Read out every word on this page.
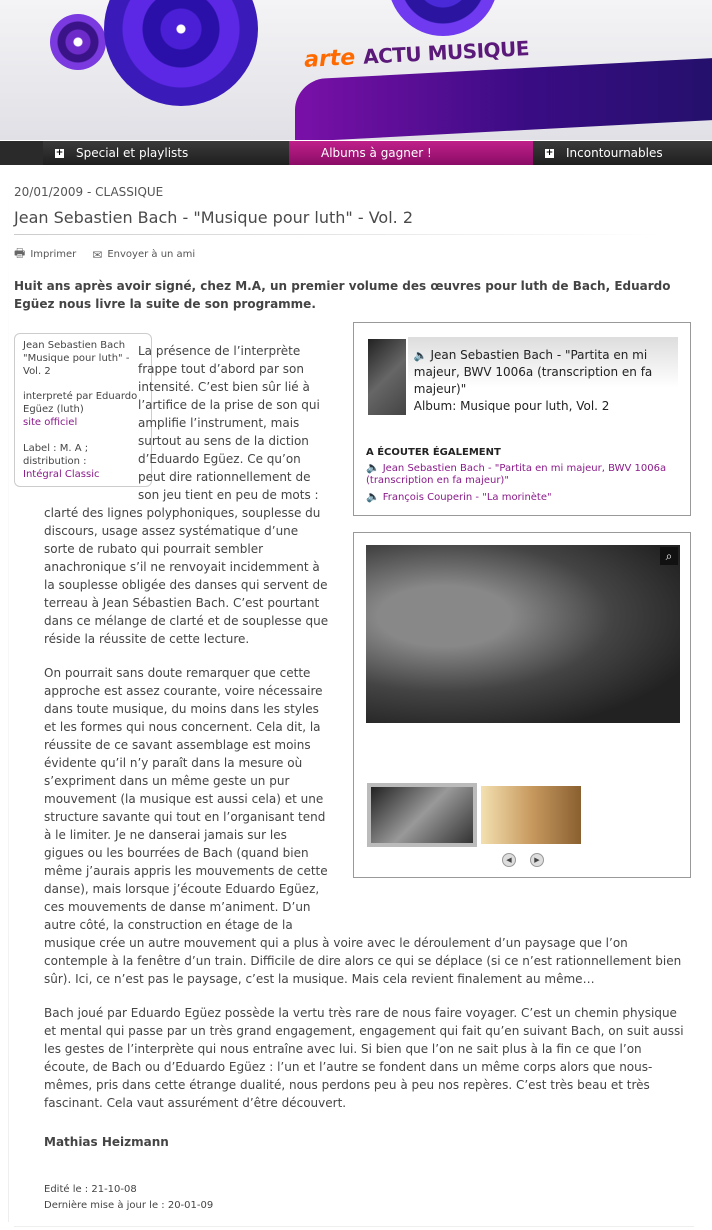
arte ACTU MUSIQUE
+ Special et playlists	Albums à gagner !	+ Incontournables
20/01/2009 - CLASSIQUE
Jean Sebastien Bach - "Musique pour luth" - Vol. 2
🖶 Imprimer ✉ Envoyer à un ami

Huit ans après avoir signé, chez M.A, un premier volume des œuvres pour luth de Bach, Eduardo Egüez nous livre la suite de son programme.

Jean Sebastien Bach
"Musique pour luth" - Vol. 2
interpreté par Eduardo Egüez (luth)
site officiel
Label : M. A ; distribution :
Intégral Classic

La présence de l’interprète frappe tout d’abord par son intensité. C’est bien sûr lié à l’artifice de la prise de son qui amplifie l’instrument, mais surtout au sens de la diction d’Eduardo Egüez. Ce qu’on peut dire rationnellement de son jeu tient en peu de mots : clarté des lignes polyphoniques, souplesse du discours, usage assez systématique d’une sorte de rubato qui pourrait sembler anachronique s’il ne renvoyait incidemment à la souplesse obligée des danses qui servent de terreau à Jean Sébastien Bach. C’est pourtant dans ce mélange de clarté et de souplesse que réside la réussite de cette lecture.

On pourrait sans doute remarquer que cette approche est assez courante, voire nécessaire dans toute musique, du moins dans les styles et les formes qui nous concernent. Cela dit, la réussite de ce savant assemblage est moins évidente qu’il n’y paraît dans la mesure où s’expriment dans un même geste un pur mouvement (la musique est aussi cela) et une structure savante qui tout en l’organisant tend à le limiter. Je ne danserai jamais sur les gigues ou les bourrées de Bach (quand bien même j’aurais appris les mouvements de cette danse), mais lorsque j’écoute Eduardo Egüez, ces mouvements de danse m’animent. D’un autre côté, la construction en étage de la musique crée un autre mouvement qui a plus à voire avec le déroulement d’un paysage que l’on contemple à la fenêtre d’un train. Difficile de dire alors ce qui se déplace (si ce n’est rationnellement bien sûr). Ici, ce n’est pas le paysage, c’est la musique. Mais cela revient finalement au même…

Bach joué par Eduardo Egüez possède la vertu très rare de nous faire voyager. C’est un chemin physique et mental qui passe par un très grand engagement, engagement qui fait qu’en suivant Bach, on suit aussi les gestes de l’interprète qui nous entraîne avec lui. Si bien que l’on ne sait plus à la fin ce que l’on écoute, de Bach ou d’Eduardo Egüez : l’un et l’autre se fondent dans un même corps alors que nous-mêmes, pris dans cette étrange dualité, nous perdons peu à peu nos repères. C’est très beau et très fascinant. Cela vaut assurément d’être découvert.

🔈 Jean Sebastien Bach - "Partita en mi majeur, BWV 1006a (transcription en fa majeur)"
Album: Musique pour luth, Vol. 2
A ÉCOUTER ÉGALEMENT
🔈 Jean Sebastien Bach - "Partita en mi majeur, BWV 1006a (transcription en fa majeur)"
🔈 François Couperin - "La morinète"
⌕
◀	▶
Mathias Heizmann
Edité le : 21-10-08
Dernière mise à jour le : 20-01-09
